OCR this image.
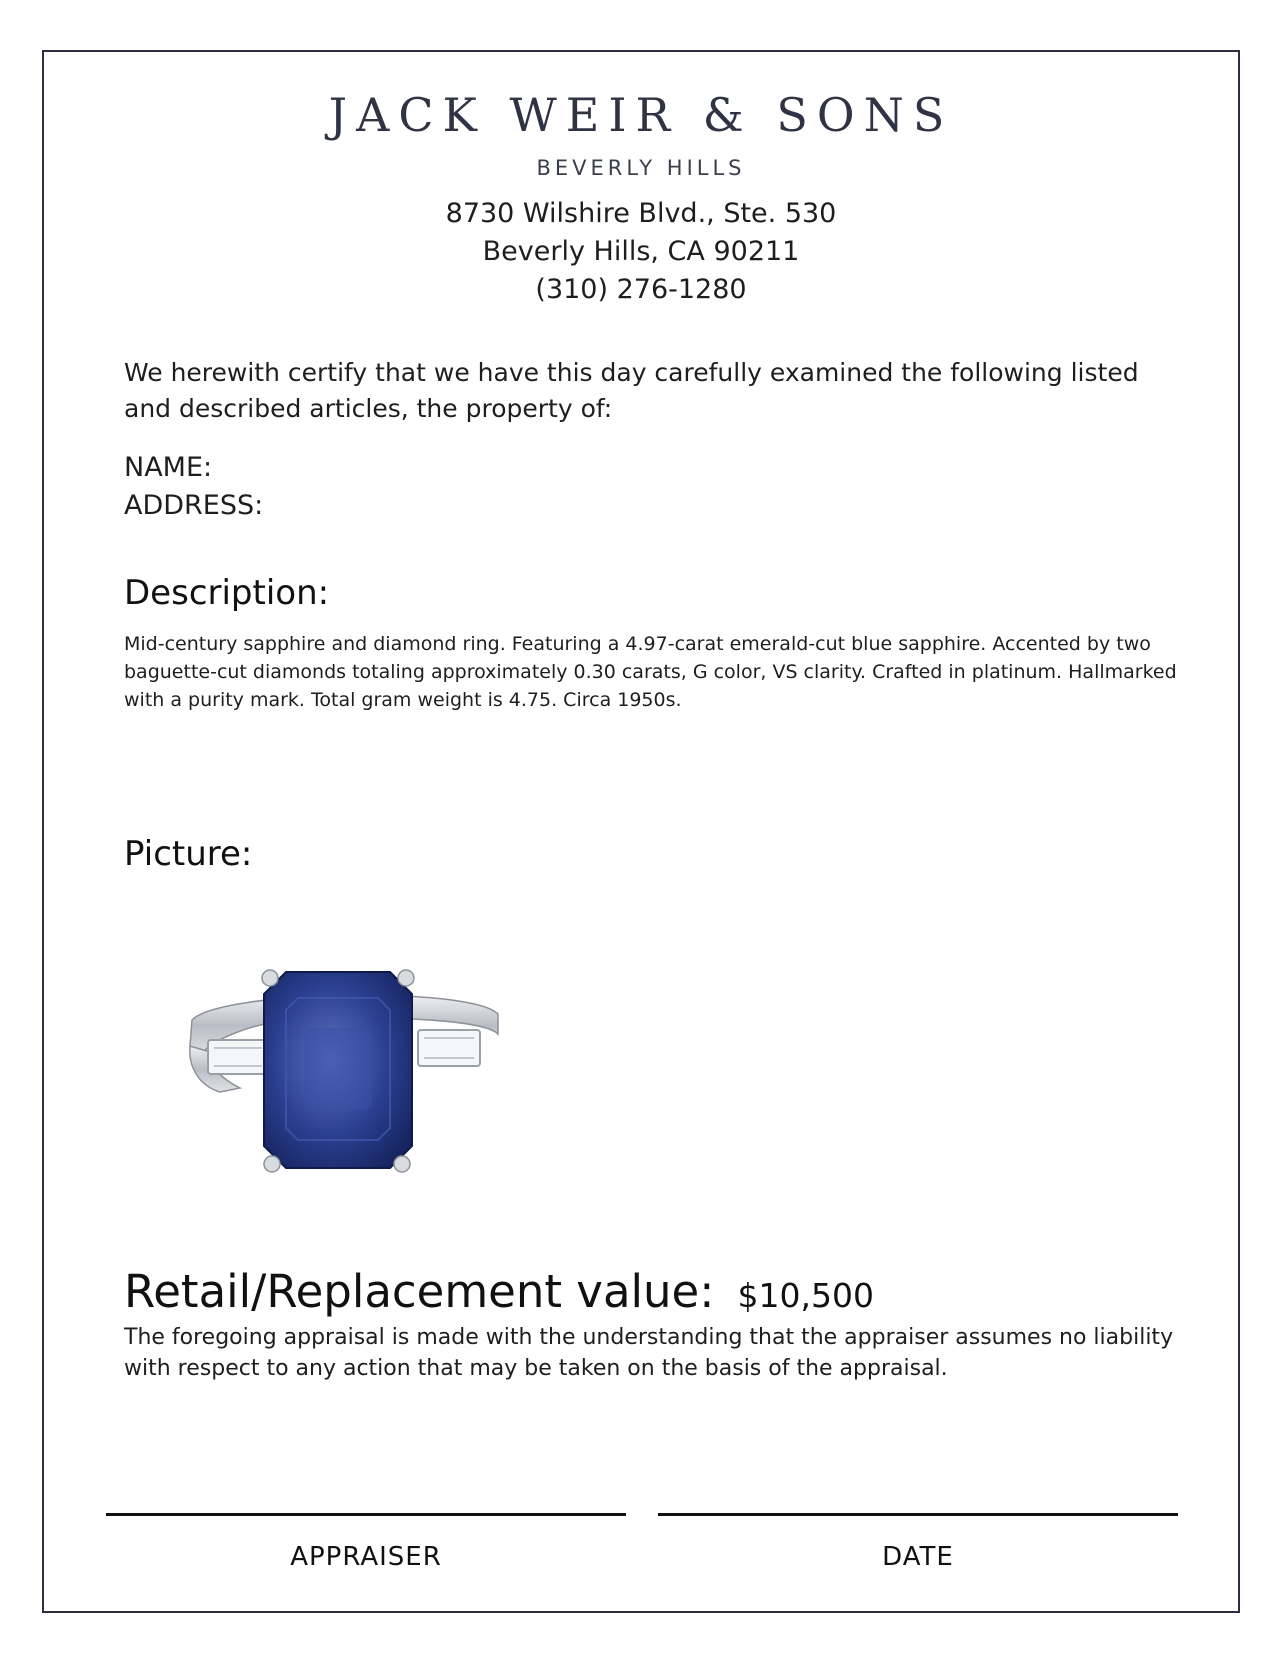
JACK WEIR & SONS
BEVERLY HILLS
8730 Wilshire Blvd., Ste. 530
Beverly Hills, CA 90211
(310) 276-1280
We herewith certify that we have this day carefully examined the following listed and described articles, the property of:
NAME:
ADDRESS:
Description:
Mid-century sapphire and diamond ring. Featuring a 4.97-carat emerald-cut blue sapphire. Accented by two baguette-cut diamonds totaling approximately 0.30 carats, G color, VS clarity. Crafted in platinum. Hallmarked with a purity mark. Total gram weight is 4.75. Circa 1950s.
Picture:
Retail/Replacement value: $10,500
The foregoing appraisal is made with the understanding that the appraiser assumes no liability with respect to any action that may be taken on the basis of the appraisal.
APPRAISER	DATE
